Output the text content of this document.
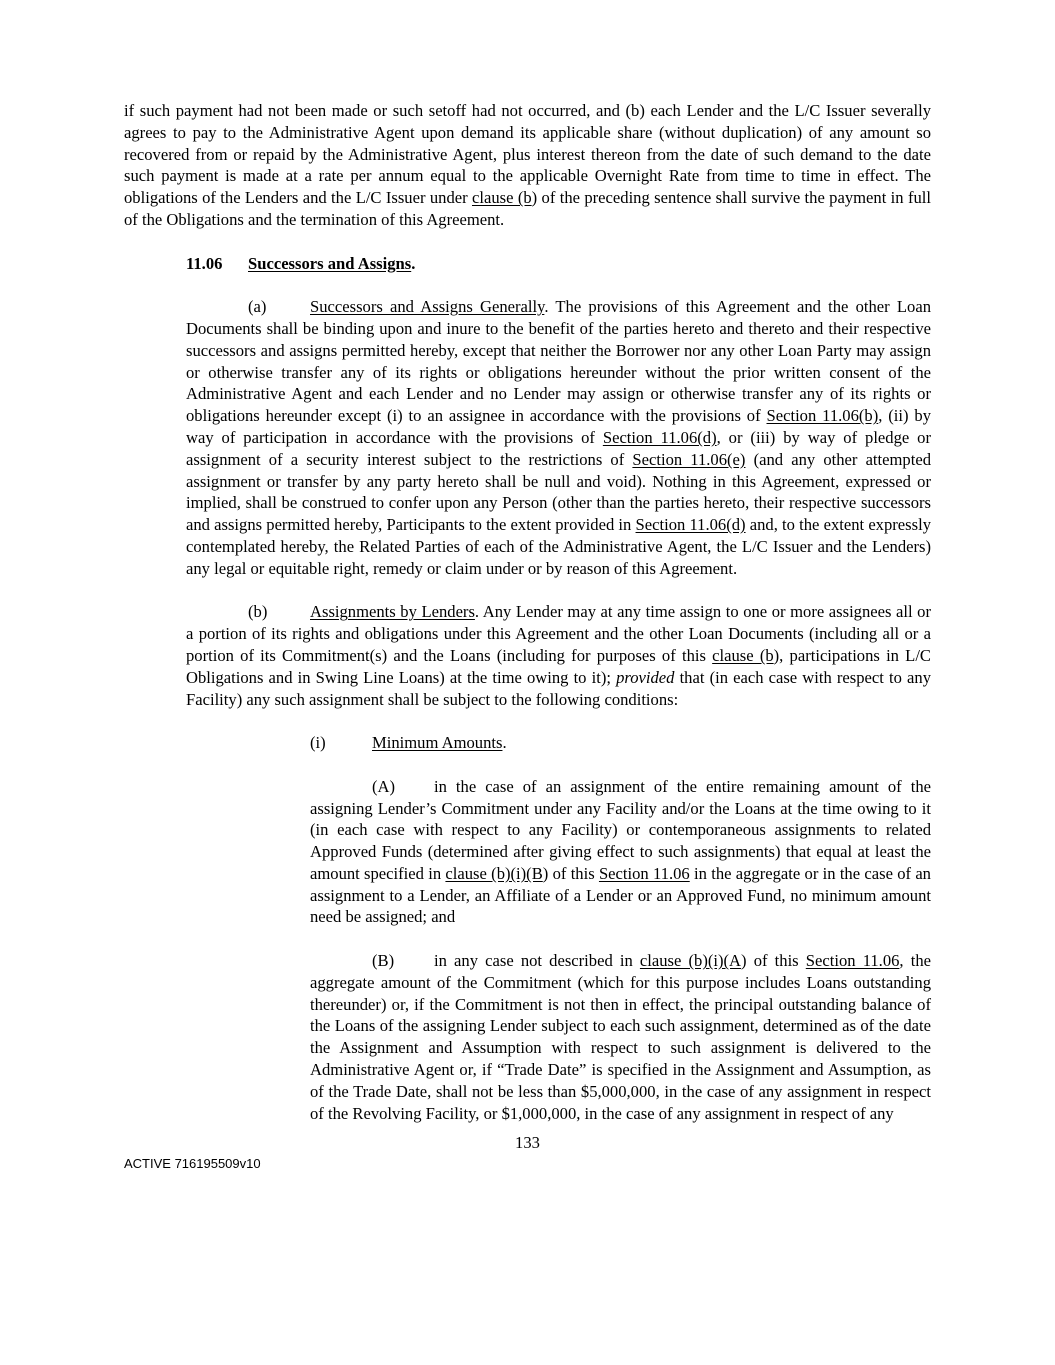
if such payment had not been made or such setoff had not occurred, and (b) each Lender and the L/C Issuer severally agrees to pay to the Administrative Agent upon demand its applicable share (without duplication) of any amount so recovered from or repaid by the Administrative Agent, plus interest thereon from the date of such demand to the date such payment is made at a rate per annum equal to the applicable Overnight Rate from time to time in effect. The obligations of the Lenders and the L/C Issuer under clause (b) of the preceding sentence shall survive the payment in full of the Obligations and the termination of this Agreement.

11.06 Successors and Assigns.

(a)	Successors and Assigns Generally. The provisions of this Agreement and the other Loan Documents shall be binding upon and inure to the benefit of the parties hereto and thereto and their respective successors and assigns permitted hereby, except that neither the Borrower nor any other Loan Party may assign or otherwise transfer any of its rights or obligations hereunder without the prior written consent of the Administrative Agent and each Lender and no Lender may assign or otherwise transfer any of its rights or obligations hereunder except (i) to an assignee in accordance with the provisions of Section 11.06(b), (ii) by way of participation in accordance with the provisions of Section 11.06(d), or (iii) by way of pledge or assignment of a security interest subject to the restrictions of Section 11.06(e) (and any other attempted assignment or transfer by any party hereto shall be null and void). Nothing in this Agreement, expressed or implied, shall be construed to confer upon any Person (other than the parties hereto, their respective successors and assigns permitted hereby, Participants to the extent provided in Section 11.06(d) and, to the extent expressly contemplated hereby, the Related Parties of each of the Administrative Agent, the L/C Issuer and the Lenders) any legal or equitable right, remedy or claim under or by reason of this Agreement.

(b)	Assignments by Lenders. Any Lender may at any time assign to one or more assignees all or a portion of its rights and obligations under this Agreement and the other Loan Documents (including all or a portion of its Commitment(s) and the Loans (including for purposes of this clause (b), participations in L/C Obligations and in Swing Line Loans) at the time owing to it); provided that (in each case with respect to any Facility) any such assignment shall be subject to the following conditions:

(i)	Minimum Amounts.

(A) in the case of an assignment of the entire remaining amount of the assigning Lender’s Commitment under any Facility and/or the Loans at the time owing to it (in each case with respect to any Facility) or contemporaneous assignments to related Approved Funds (determined after giving effect to such assignments) that equal at least the amount specified in clause (b)(i)(B) of this Section 11.06 in the aggregate or in the case of an assignment to a Lender, an Affiliate of a Lender or an Approved Fund, no minimum amount need be assigned; and

(B) in any case not described in clause (b)(i)(A) of this Section 11.06, the aggregate amount of the Commitment (which for this purpose includes Loans outstanding thereunder) or, if the Commitment is not then in effect, the principal outstanding balance of the Loans of the assigning Lender subject to each such assignment, determined as of the date the Assignment and Assumption with respect to such assignment is delivered to the Administrative Agent or, if “Trade Date” is specified in the Assignment and Assumption, as of the Trade Date, shall not be less than $5,000,000, in the case of any assignment in respect of the Revolving Facility, or $1,000,000, in the case of any assignment in respect of any

133
ACTIVE 716195509v10
